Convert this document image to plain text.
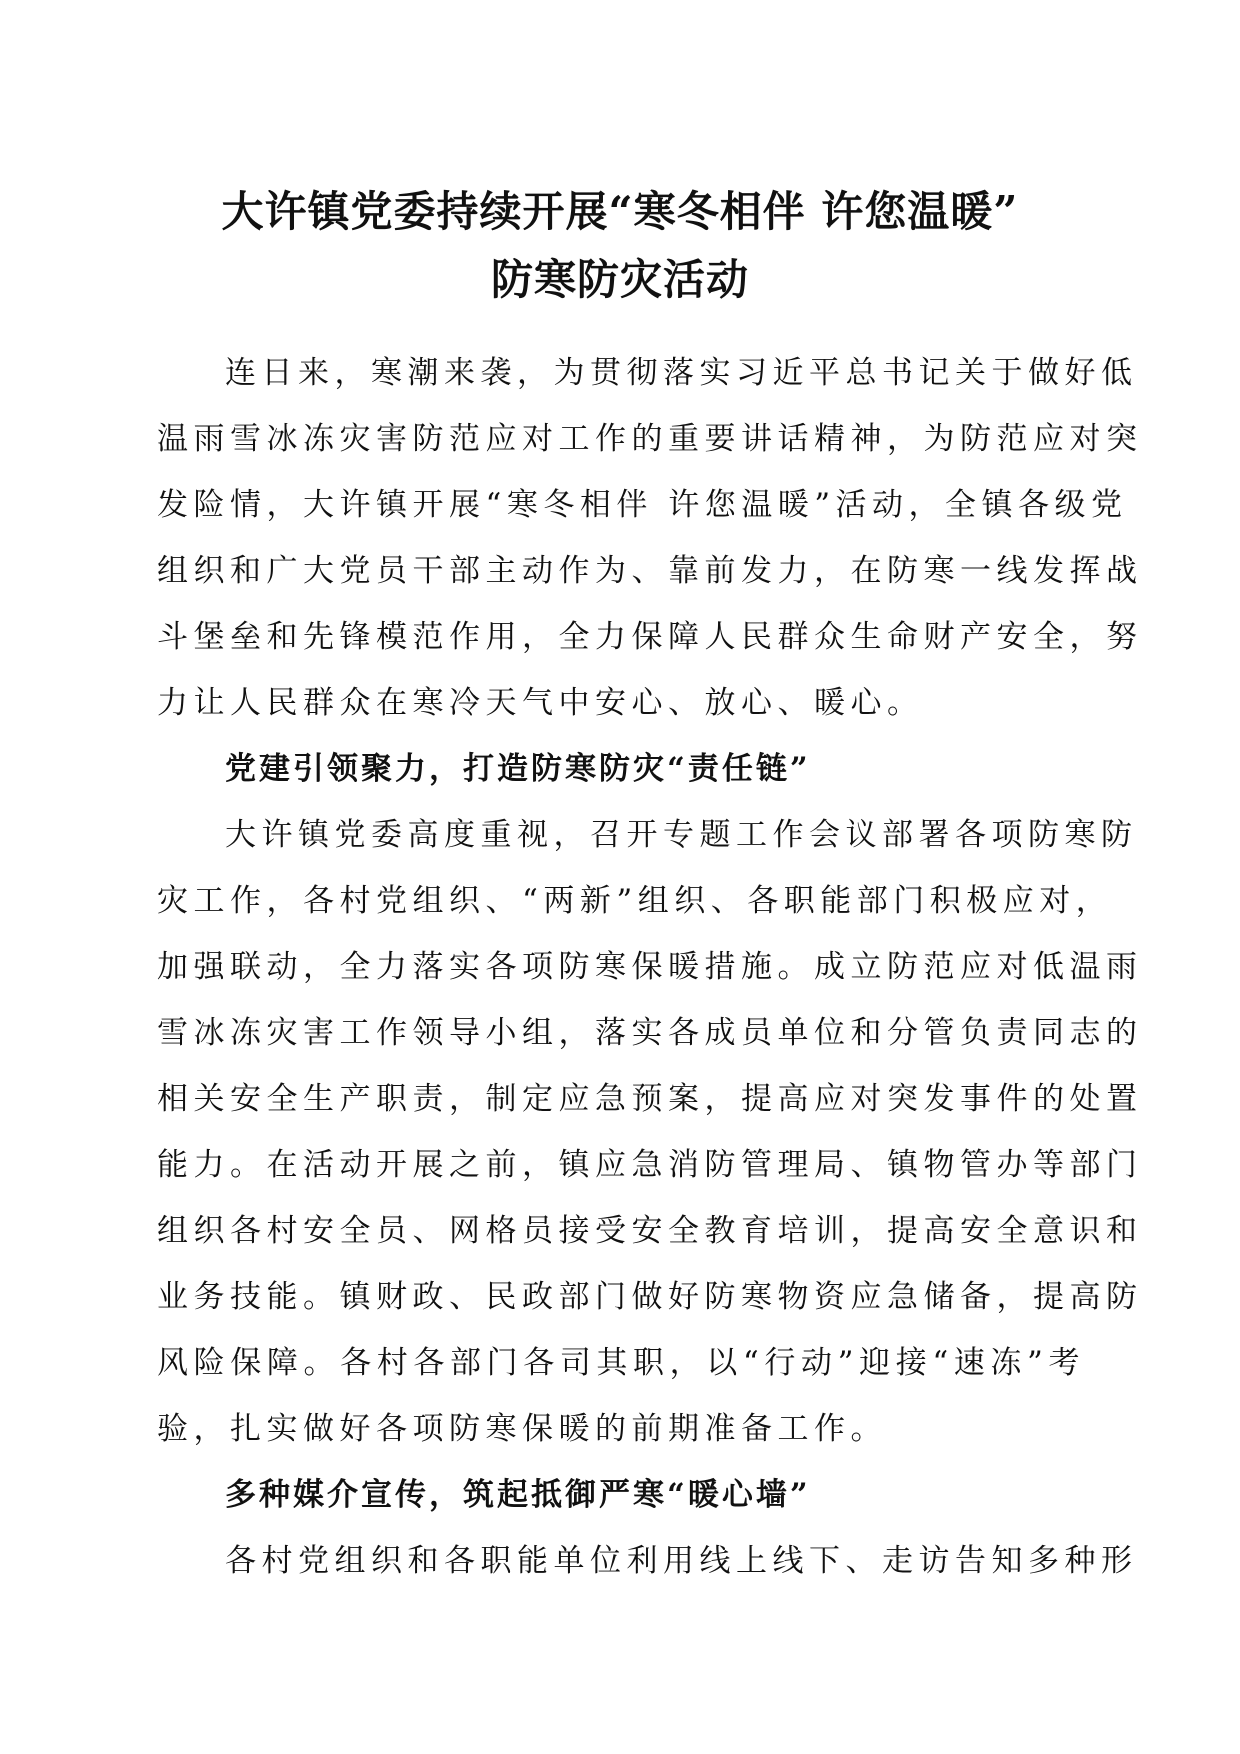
大许镇党委持续开展“寒冬相伴 许您温暖”
防寒防灾活动
连日来，寒潮来袭，为贯彻落实习近平总书记关于做好低
温雨雪冰冻灾害防范应对工作的重要讲话精神，为防范应对突
发险情，大许镇开展“寒冬相伴 许您温暖”活动，全镇各级党
组织和广大党员干部主动作为、靠前发力，在防寒一线发挥战
斗堡垒和先锋模范作用，全力保障人民群众生命财产安全，努
力让人民群众在寒冷天气中安心、放心、暖心。
党建引领聚力，打造防寒防灾“责任链”
大许镇党委高度重视，召开专题工作会议部署各项防寒防
灾工作，各村党组织、“两新”组织、各职能部门积极应对，
加强联动，全力落实各项防寒保暖措施。成立防范应对低温雨
雪冰冻灾害工作领导小组，落实各成员单位和分管负责同志的
相关安全生产职责，制定应急预案，提高应对突发事件的处置
能力。在活动开展之前，镇应急消防管理局、镇物管办等部门
组织各村安全员、网格员接受安全教育培训，提高安全意识和
业务技能。镇财政、民政部门做好防寒物资应急储备，提高防
风险保障。各村各部门各司其职，以“行动”迎接“速冻”考
验，扎实做好各项防寒保暖的前期准备工作。
多种媒介宣传，筑起抵御严寒“暖心墙”
各村党组织和各职能单位利用线上线下、走访告知多种形
